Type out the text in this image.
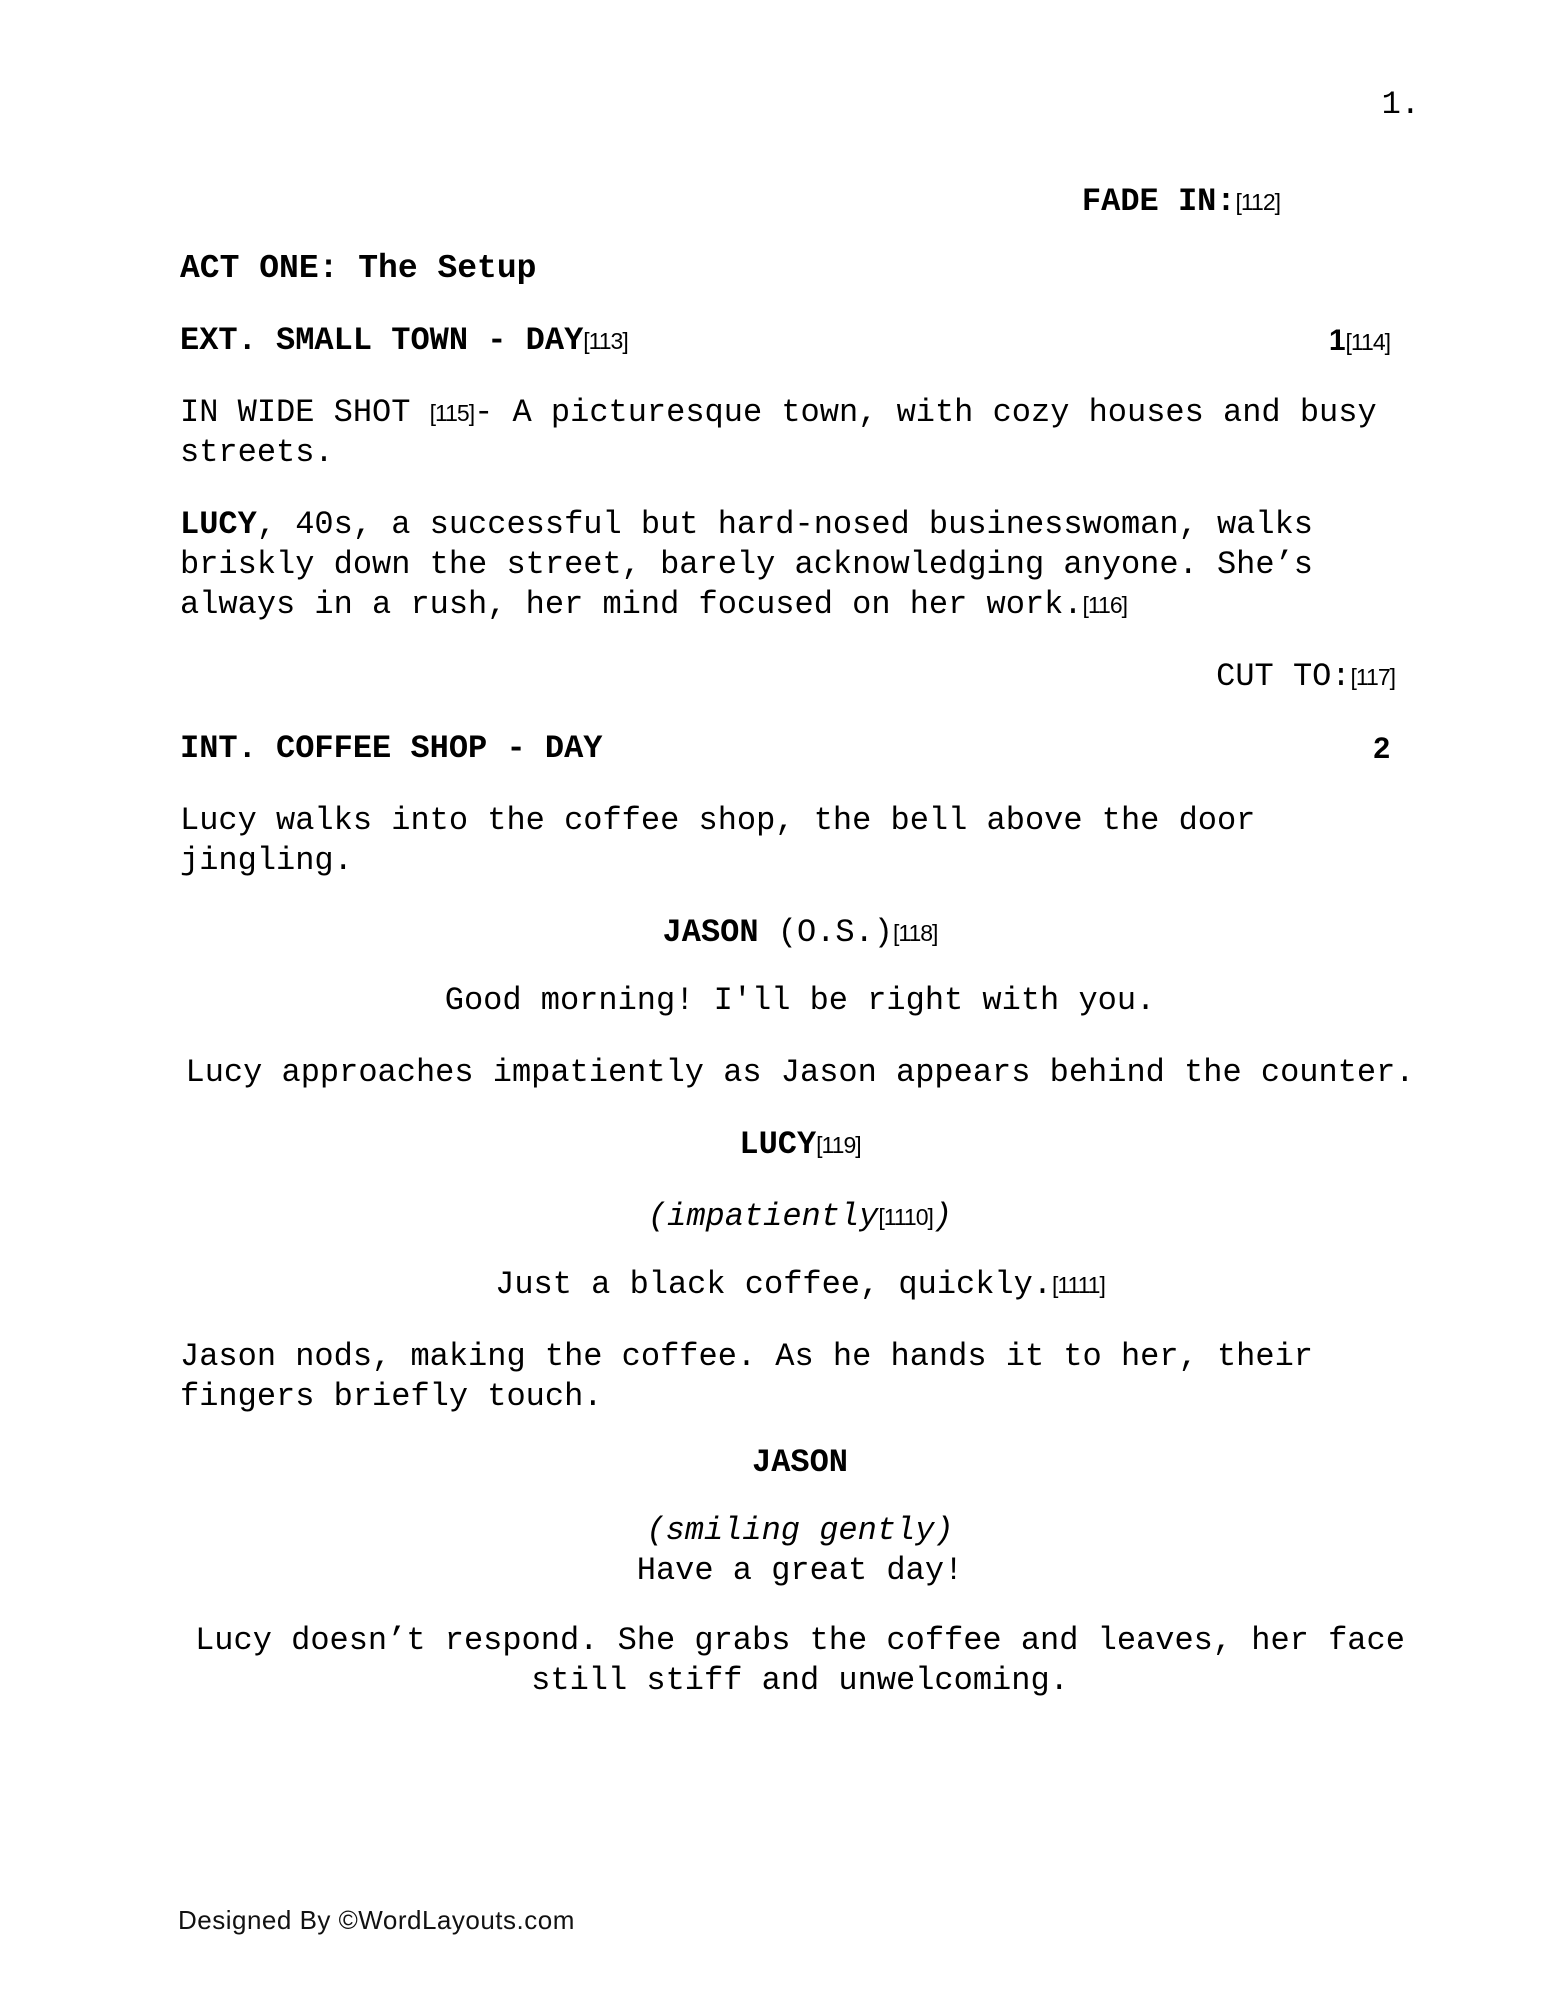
1.

FADE IN:[112]

ACT ONE: The Setup

EXT. SMALL TOWN - DAY[113]	1[114]

IN WIDE SHOT [115]- A picturesque town, with cozy houses and busy streets.

LUCY, 40s, a successful but hard-nosed businesswoman, walks briskly down the street, barely acknowledging anyone. She’s always in a rush, her mind focused on her work.[116]

CUT TO:[117]

INT. COFFEE SHOP - DAY	2

Lucy walks into the coffee shop, the bell above the door jingling.

JASON (O.S.)[118]

Good morning! I'll be right with you.

Lucy approaches impatiently as Jason appears behind the counter.

LUCY[119]

(impatiently[1110])

Just a black coffee, quickly.[1111]

Jason nods, making the coffee. As he hands it to her, their fingers briefly touch.

JASON

(smiling gently)

Have a great day!

Lucy doesn’t respond. She grabs the coffee and leaves, her face still stiff and unwelcoming.

Designed By ©WordLayouts.com
